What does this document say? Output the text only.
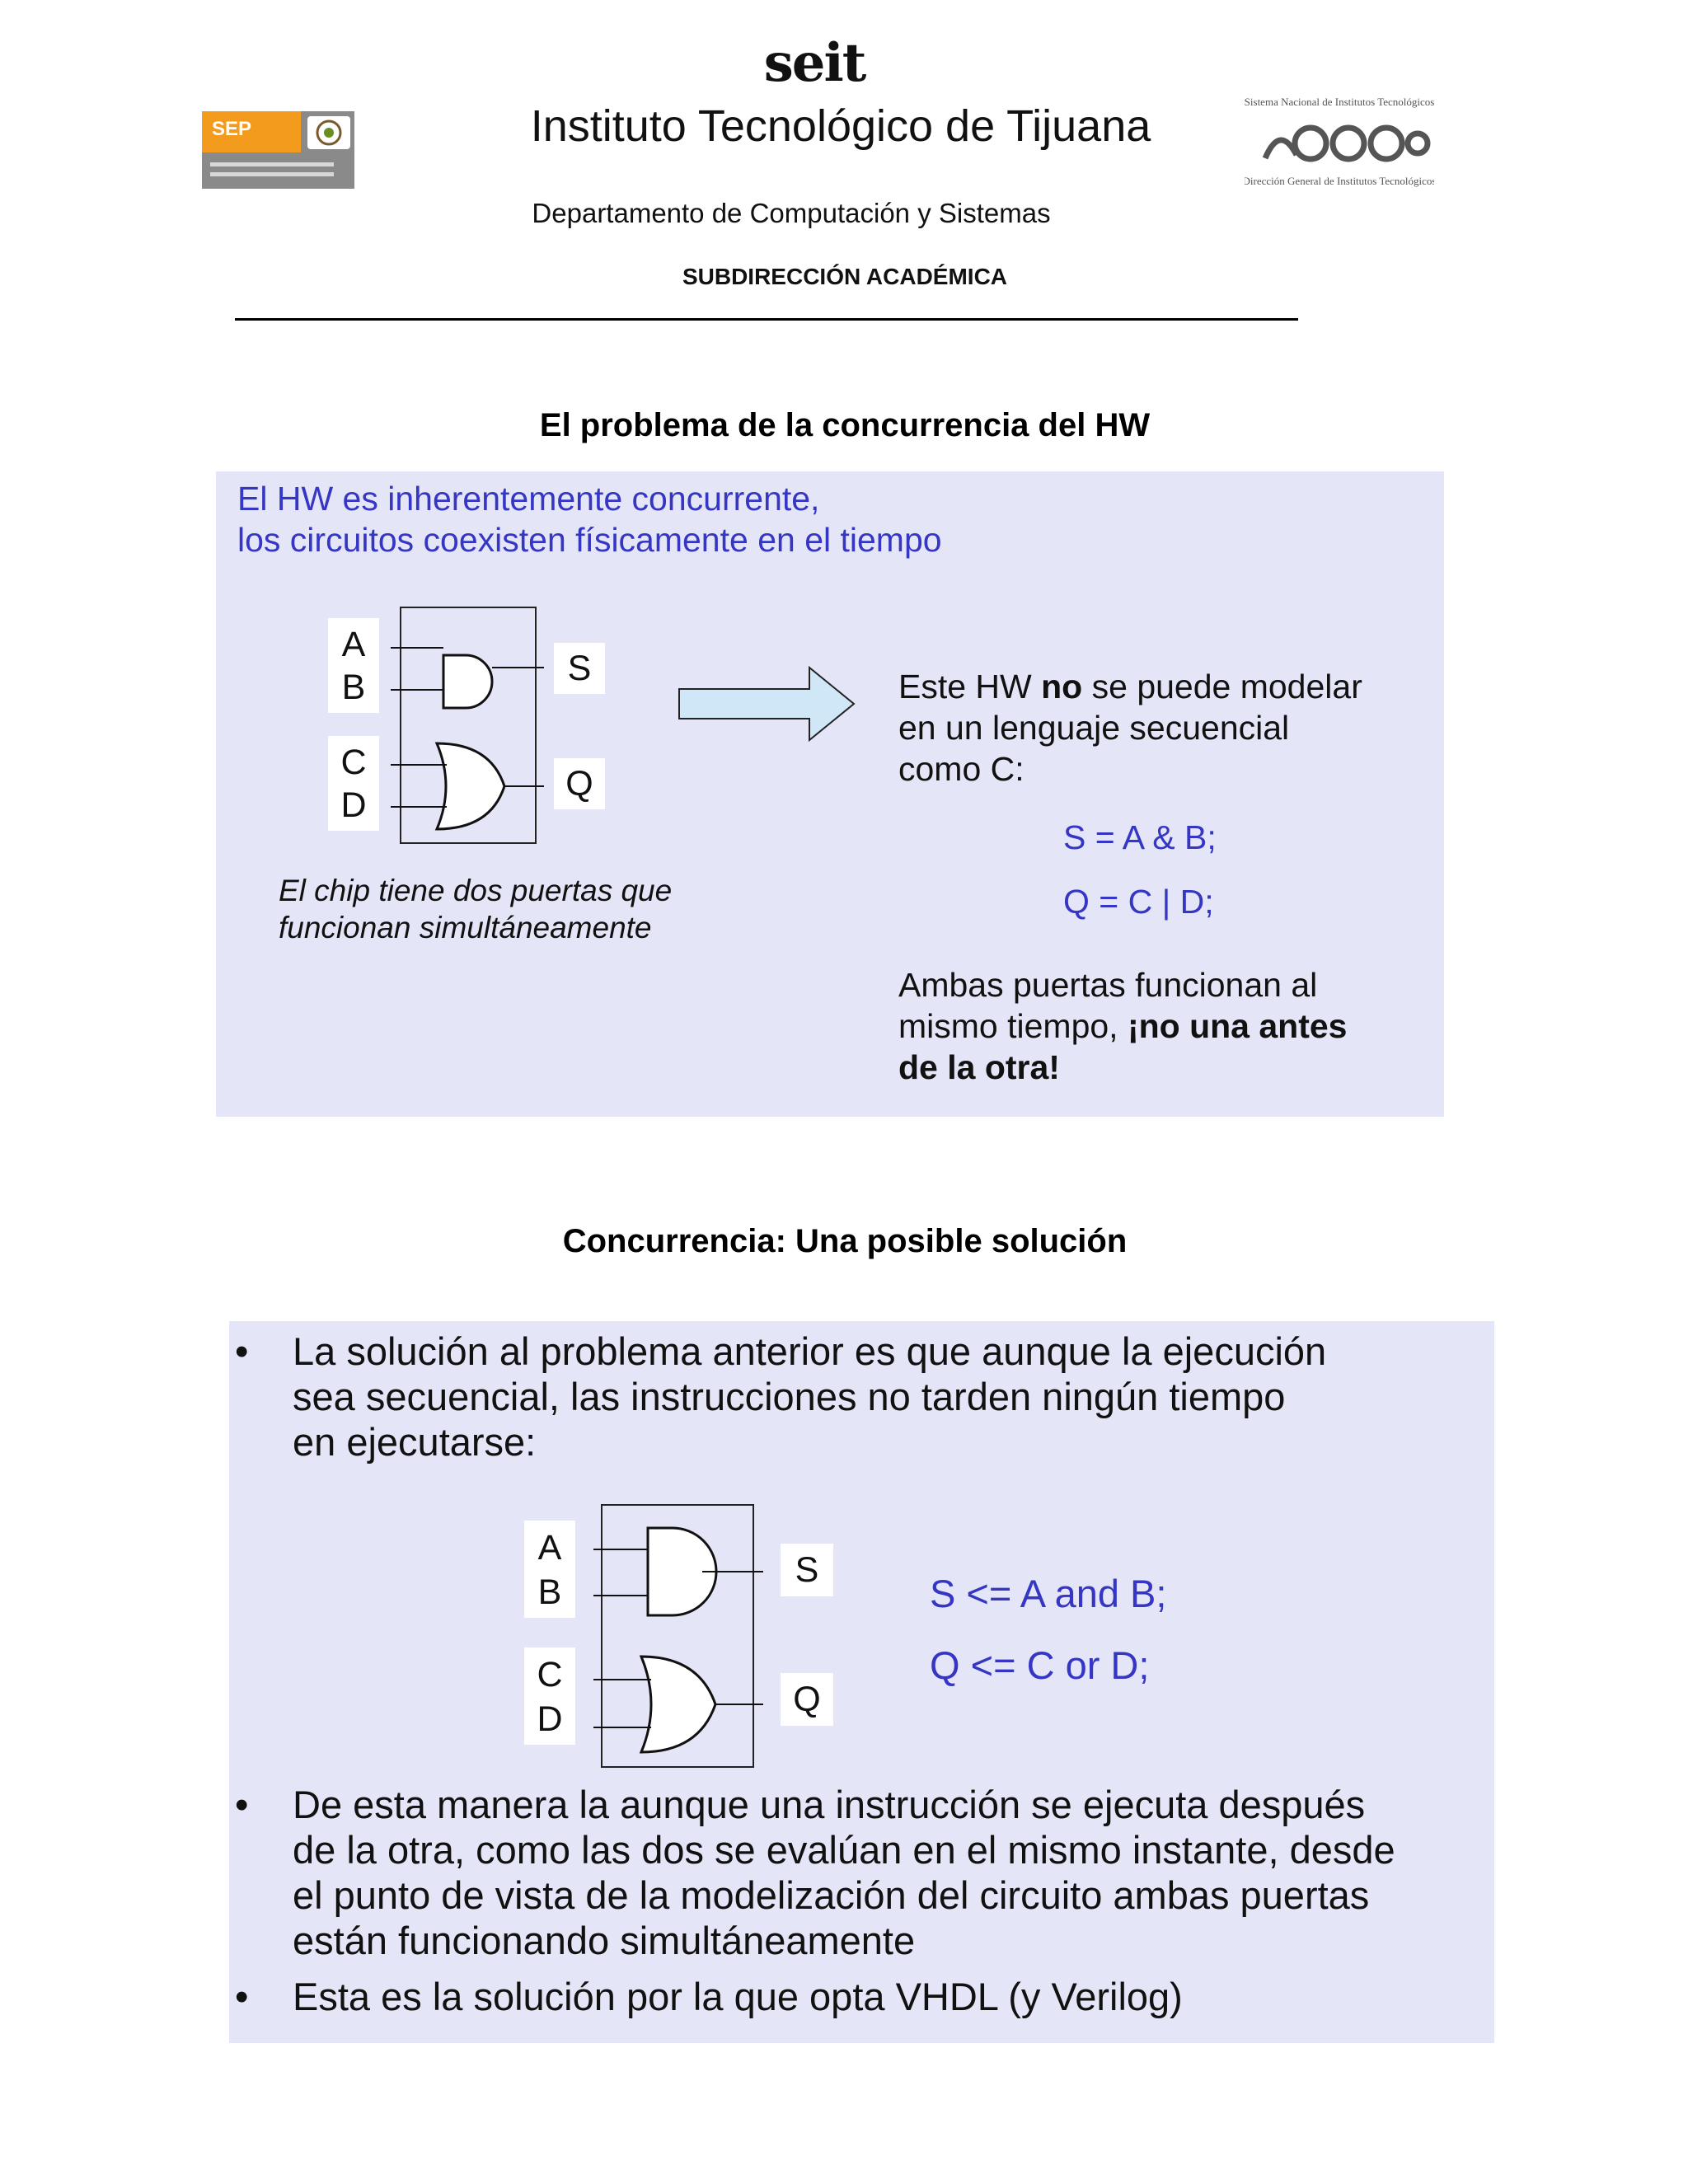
seit
SEP	Instituto Tecnológico de Tijuana	Sistema Nacional de Institutos Tecnológicos
Dirección General de Institutos Tecnológicos
Departamento de Computación y Sistemas
SUBDIRECCIÓN ACADÉMICA
El problema de la concurrencia del HW
El HW es inherentemente concurrente,
los circuitos coexisten físicamente en el tiempo
A
B
C
D
S
Q
El chip tiene dos puertas que
funcionan simultáneamente
Este HW no se puede modelar
en un lenguaje secuencial
como C:
S = A & B;
Q = C | D;
Ambas puertas funcionan al
mismo tiempo, ¡no una antes
de la otra!
Concurrencia: Una posible solución
•	La solución al problema anterior es que aunque la ejecución
sea secuencial, las instrucciones no tarden ningún tiempo
en ejecutarse:
A
B
C
D
S
Q
S <= A and B;
Q <= C or D;
•	De esta manera la aunque una instrucción se ejecuta después
de la otra, como las dos se evalúan en el mismo instante, desde
el punto de vista de la modelización del circuito ambas puertas
están funcionando simultáneamente
•	Esta es la solución por la que opta VHDL (y Verilog)
